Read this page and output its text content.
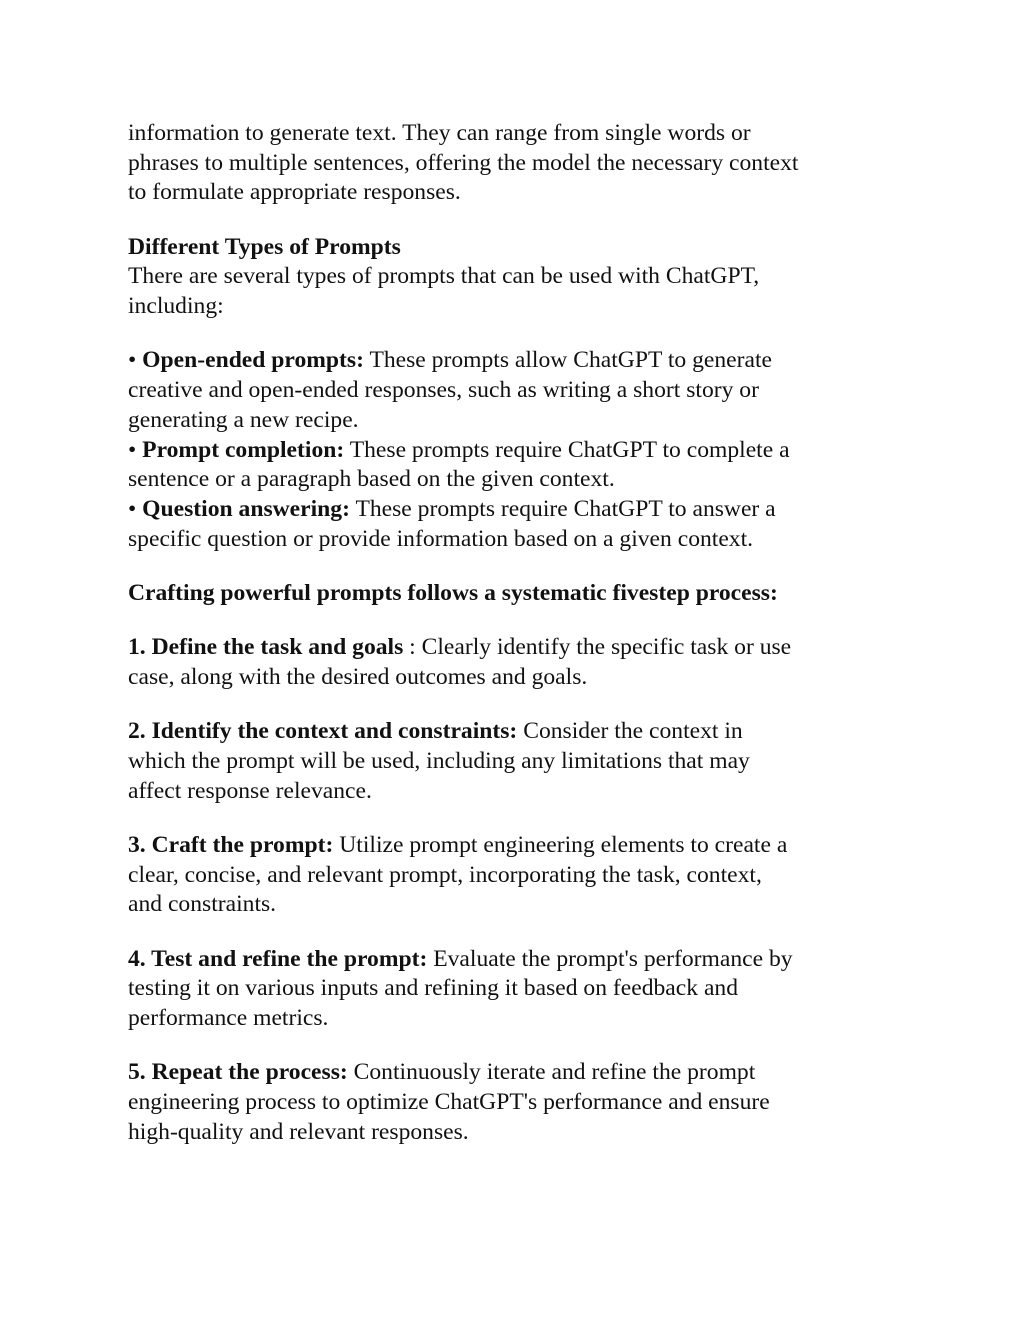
information to generate text. They can range from single words or
phrases to multiple sentences, offering the model the necessary context
to formulate appropriate responses.

Different Types of Prompts
There are several types of prompts that can be used with ChatGPT,
including:

• Open-ended prompts: These prompts allow ChatGPT to generate
creative and open-ended responses, such as writing a short story or
generating a new recipe.
• Prompt completion: These prompts require ChatGPT to complete a
sentence or a paragraph based on the given context.
• Question answering: These prompts require ChatGPT to answer a
specific question or provide information based on a given context.

Crafting powerful prompts follows a systematic fivestep process:

1. Define the task and goals : Clearly identify the specific task or use
case, along with the desired outcomes and goals.

2. Identify the context and constraints: Consider the context in
which the prompt will be used, including any limitations that may
affect response relevance.

3. Craft the prompt: Utilize prompt engineering elements to create a
clear, concise, and relevant prompt, incorporating the task, context,
and constraints.

4. Test and refine the prompt: Evaluate the prompt's performance by
testing it on various inputs and refining it based on feedback and
performance metrics.

5. Repeat the process: Continuously iterate and refine the prompt
engineering process to optimize ChatGPT's performance and ensure
high-quality and relevant responses.
